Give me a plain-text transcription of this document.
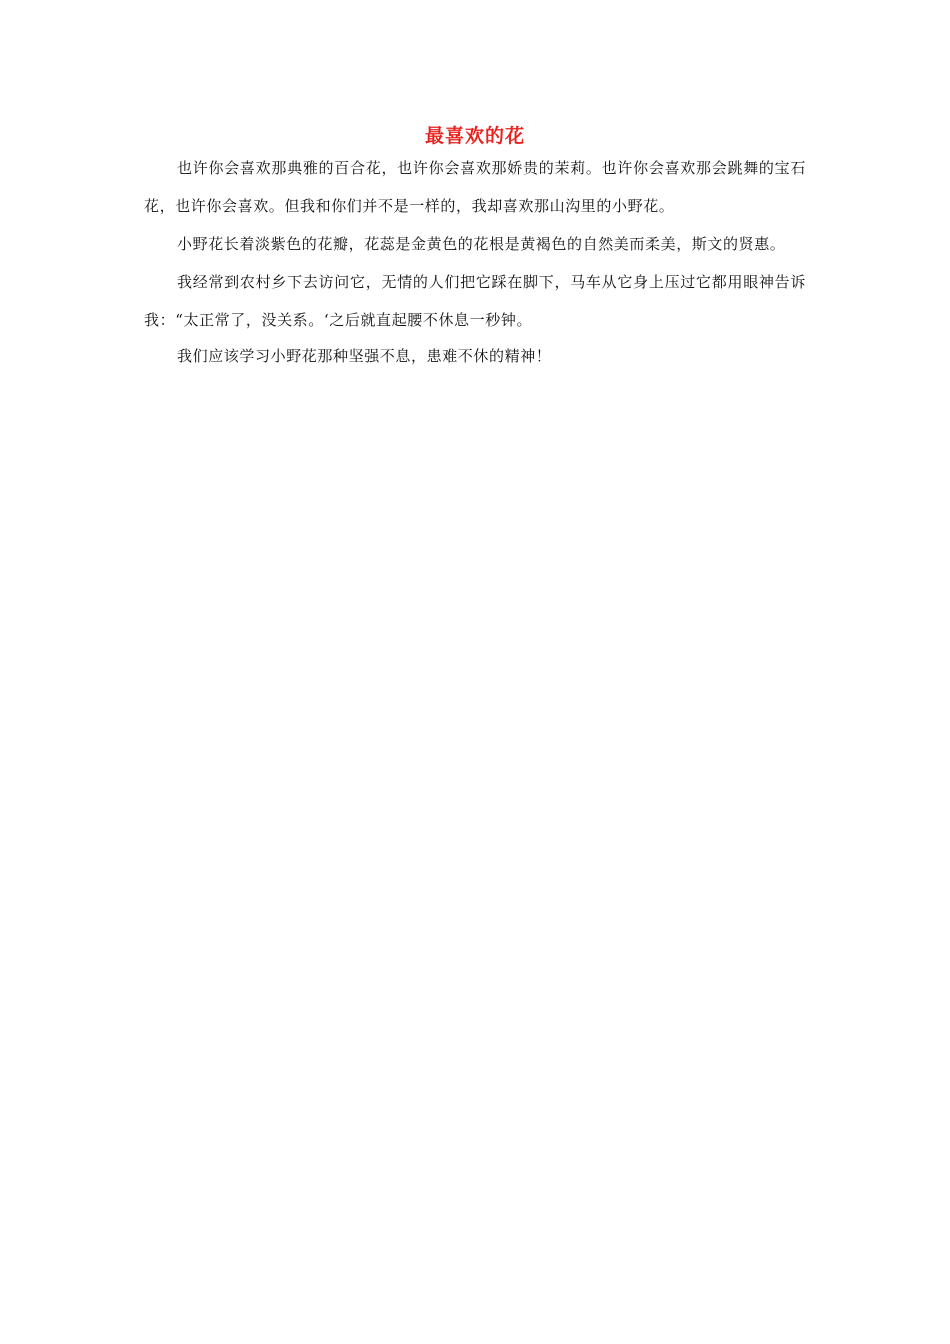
最喜欢的花

也许你会喜欢那典雅的百合花，也许你会喜欢那娇贵的茉莉。也许你会喜欢那会跳舞的宝石花，也许你会喜欢。但我和你们并不是一样的，我却喜欢那山沟里的小野花。

小野花长着淡紫色的花瓣，花蕊是金黄色的花根是黄褐色的自然美而柔美，斯文的贤惠。

我经常到农村乡下去访问它，无情的人们把它踩在脚下，马车从它身上压过它都用眼神告诉我：“太正常了，没关系。‘之后就直起腰不休息一秒钟。

我们应该学习小野花那种坚强不息，患难不休的精神！
